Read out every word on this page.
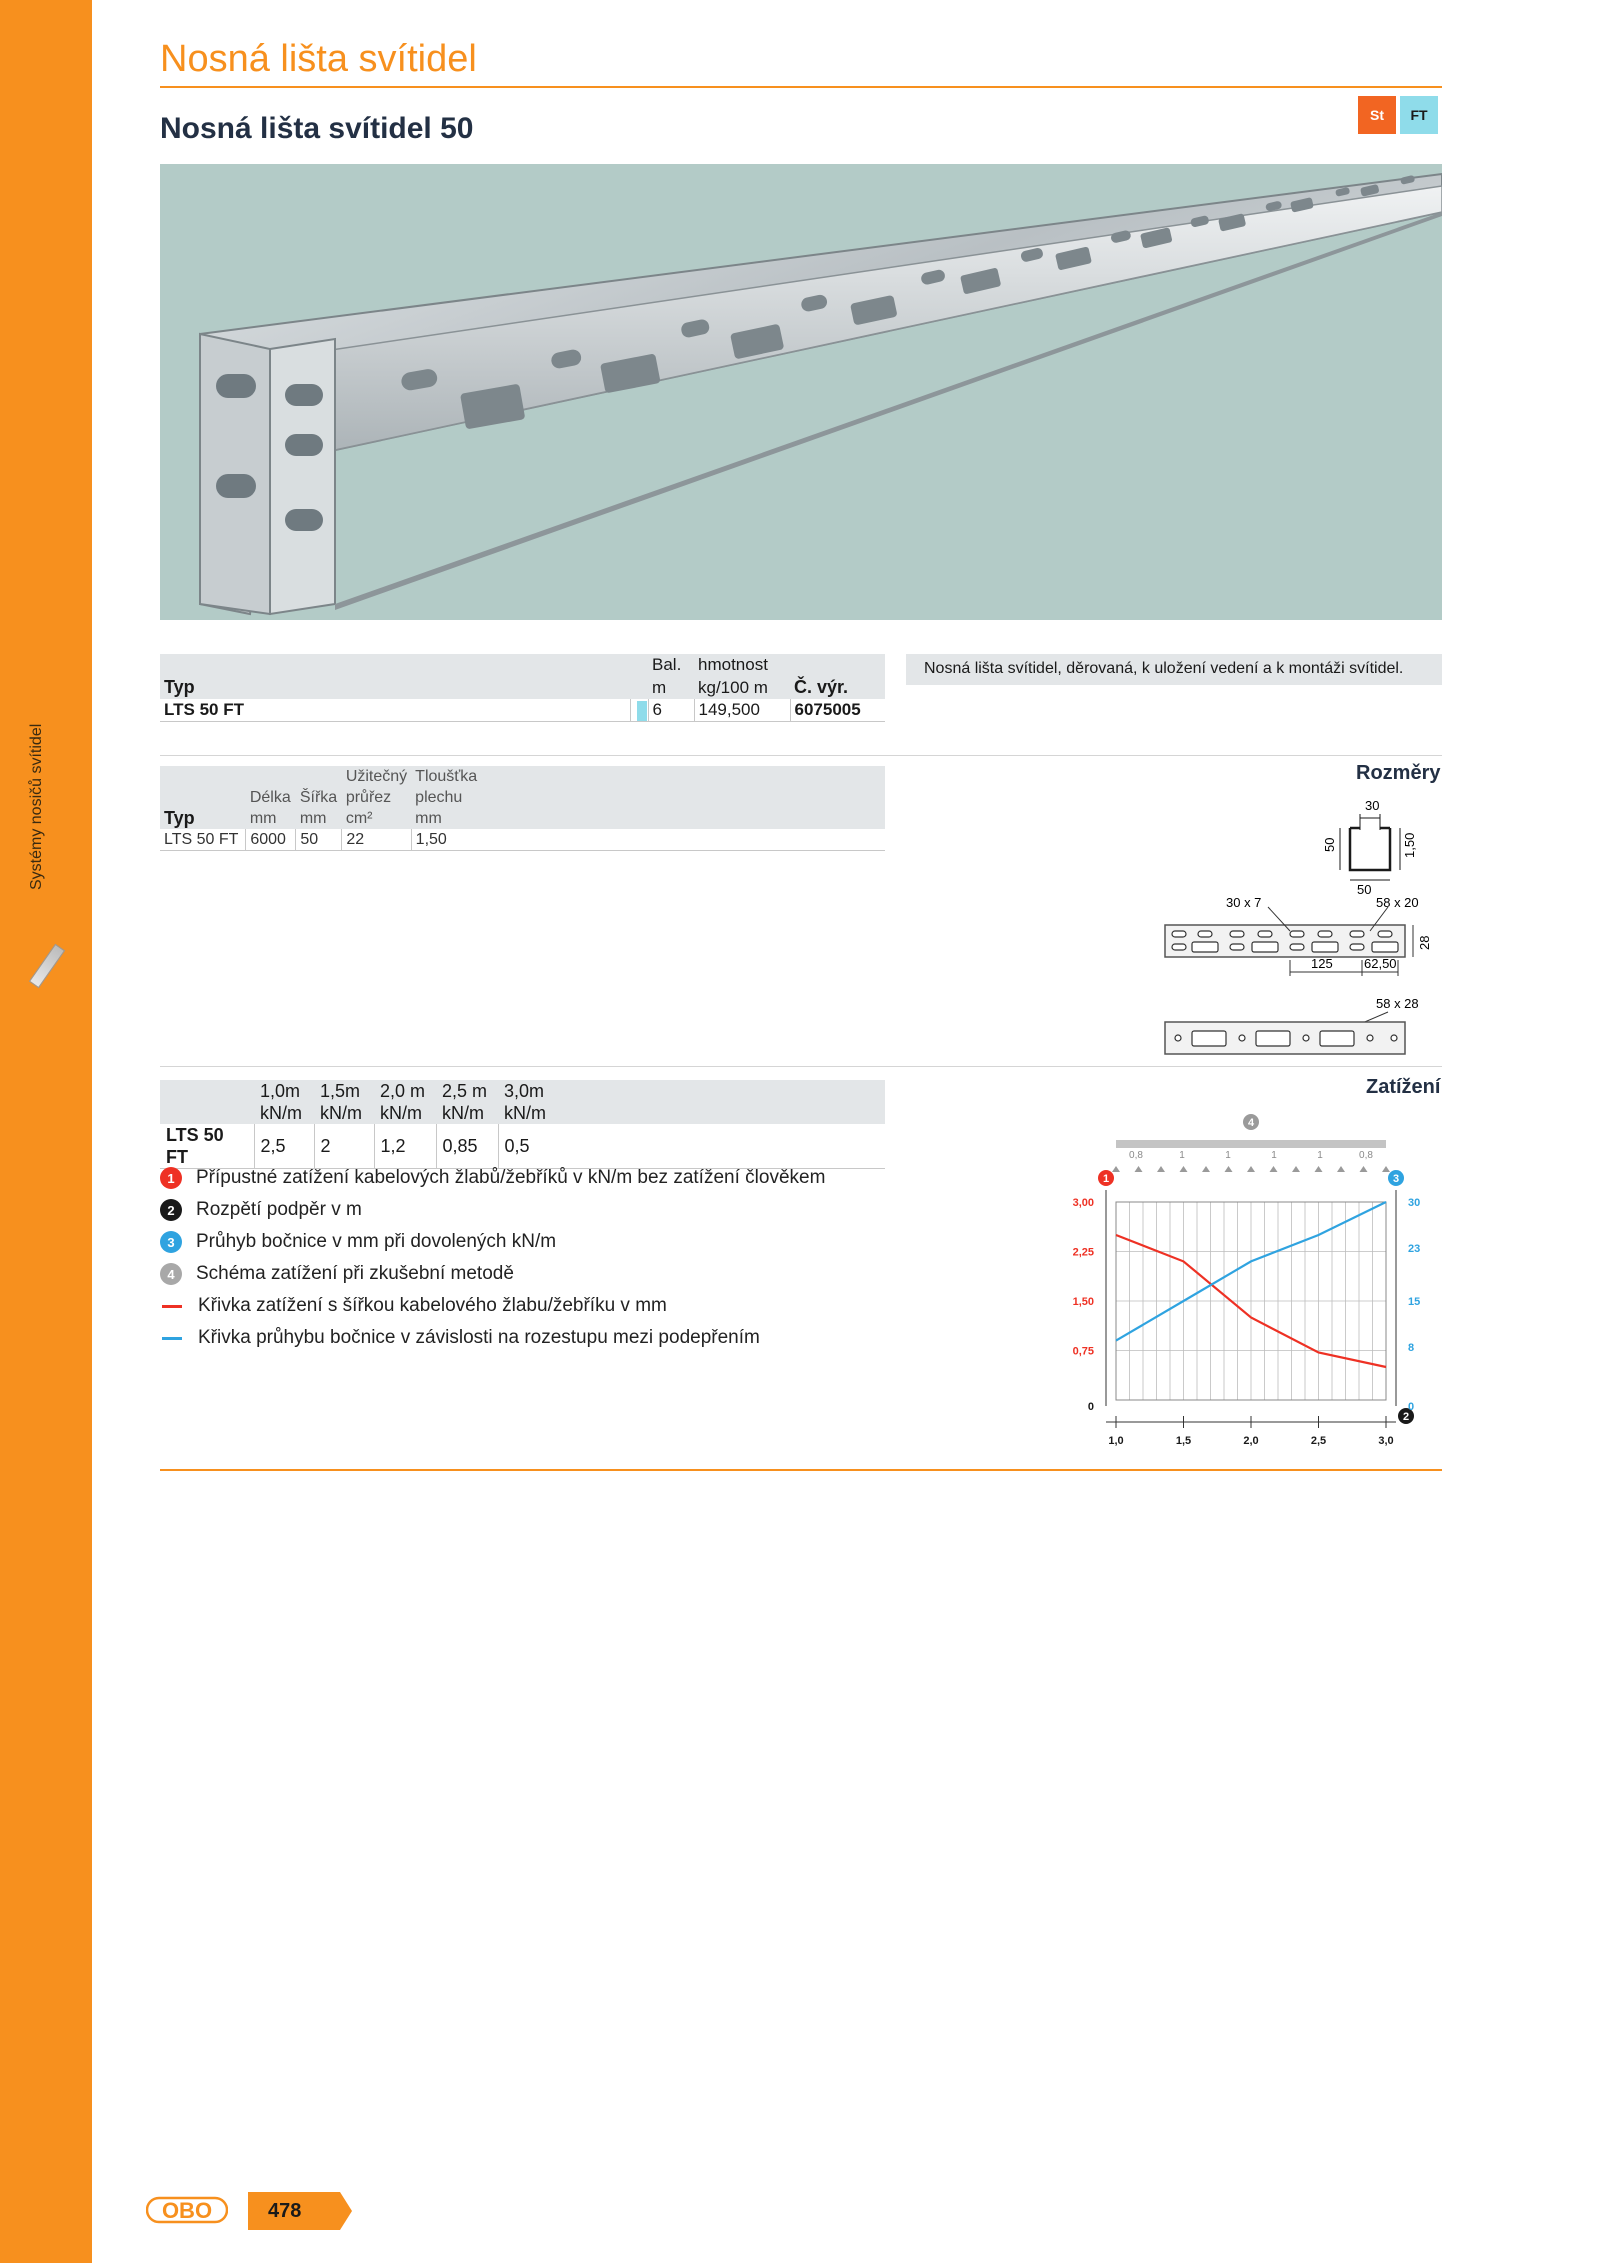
Systémy nosičů svítidel
Nosná lišta svítidel
Nosná lišta svítidel 50	St	FT
		Bal.	hmotnost	
Typ		m	kg/100 m	Č. výr.
LTS 50 FT		6	149,500	6075005
Nosná lišta svítidel, děrovaná, k uložení vedení a k montáži svítidel.
			Užitečný	Tloušťka
	Délka	Šířka	průřez	plechu
Typ	mm	mm	cm²	mm
LTS 50 FT	6000	50	22	1,50
Rozměry
30
50
50
1,50
30 x 7	58 x 20
28
125 62,50
58 x 28
	1,0m	1,5m	2,0 m	2,5 m	3,0m
	kN/m	kN/m	kN/m	kN/m	kN/m
LTS 50 FT	2,5	2	1,2	0,85	0,5
Zatížení
1	Přípustné zatížení kabelových žlabů/žebříků v kN/m bez zatížení člověkem
2	Rozpětí podpěr v m
3	Průhyb bočnice v mm při dovolených kN/m
4	Schéma zatížení při zkušební metodě
Křivka zatížení s šířkou kabelového žlabu/žebříku v mm
Křivka průhybu bočnice v závislosti na rozestupu mezi podepřením
0,8	1	1	1	1	0,8
4
1	3
2
0
0,75
1,50
2,25
3,00
0
8
15
23
30
1,0	1,5	2,0	2,5	3,0
OBO	478
